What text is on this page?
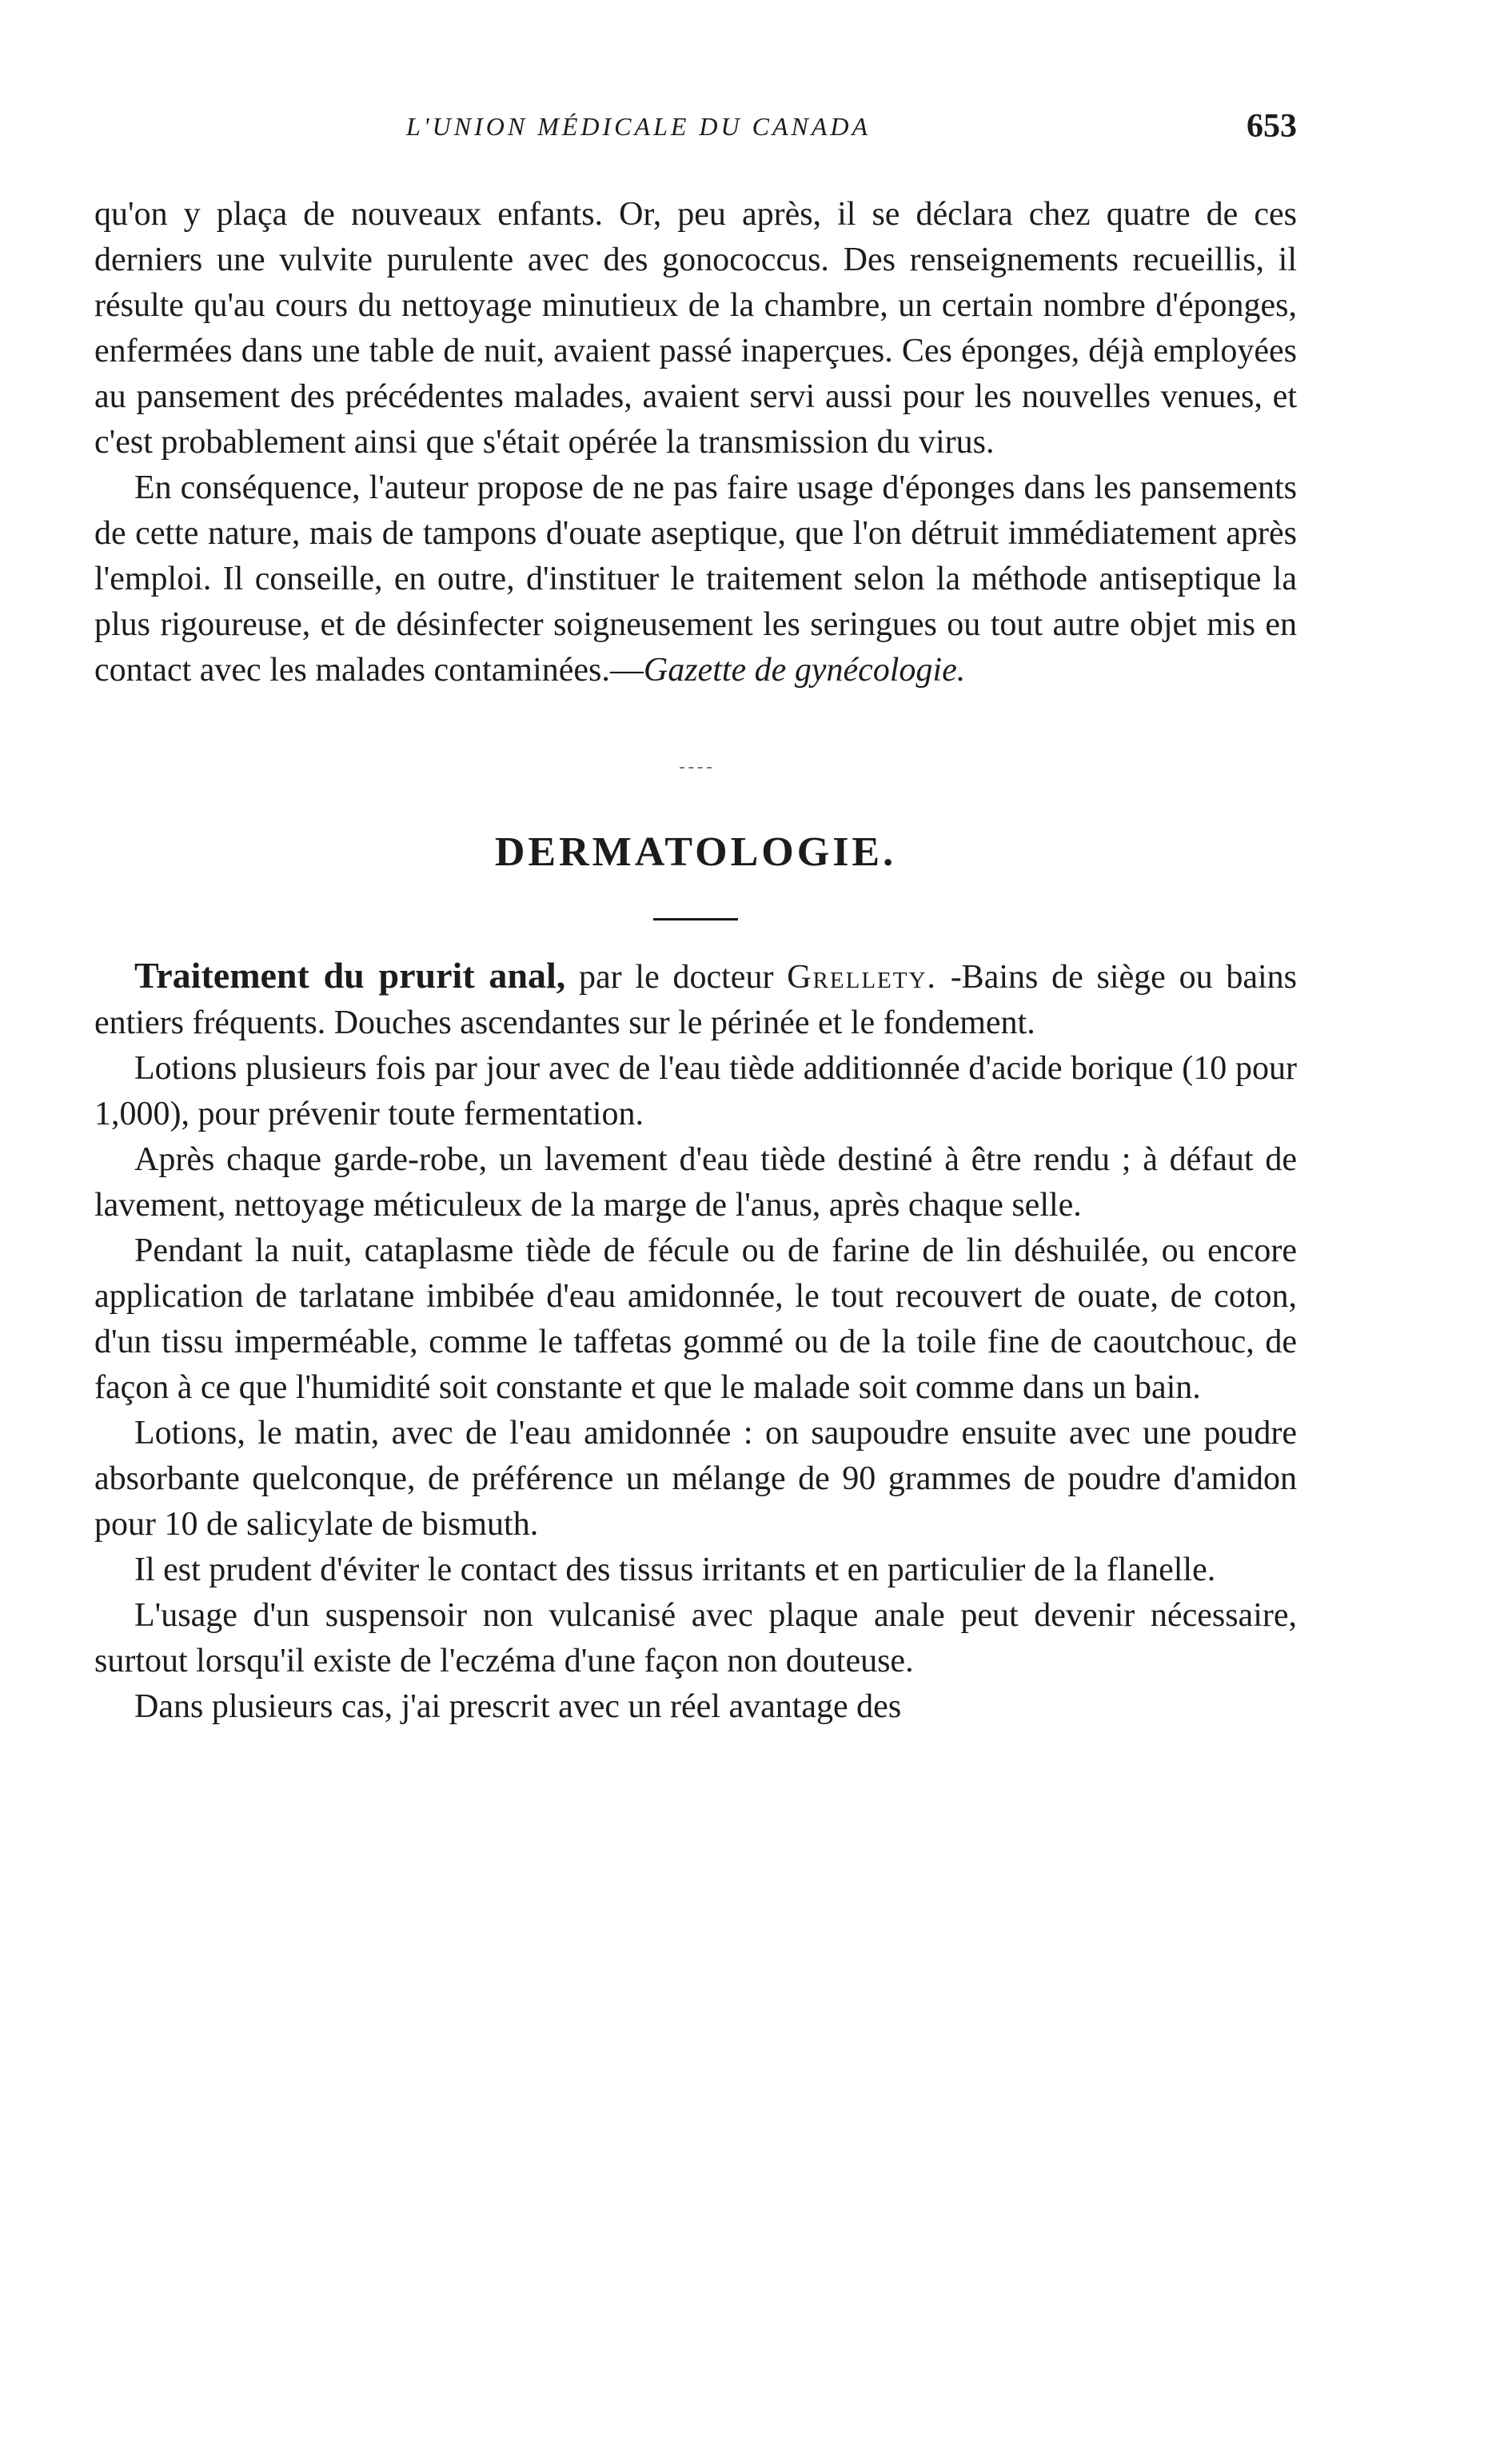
L'UNION MÉDICALE DU CANADA	653

qu'on y plaça de nouveaux enfants. Or, peu après, il se déclara chez quatre de ces derniers une vulvite purulente avec des gonococcus. Des renseignements recueillis, il résulte qu'au cours du nettoyage minutieux de la chambre, un certain nombre d'éponges, enfermées dans une table de nuit, avaient passé inaperçues. Ces éponges, déjà employées au pansement des précédentes malades, avaient servi aussi pour les nouvelles venues, et c'est probablement ainsi que s'était opérée la transmission du virus.

En conséquence, l'auteur propose de ne pas faire usage d'éponges dans les pansements de cette nature, mais de tampons d'ouate aseptique, que l'on détruit immédiatement après l'emploi. Il conseille, en outre, d'instituer le traitement selon la méthode antiseptique la plus rigoureuse, et de désinfecter soigneusement les seringues ou tout autre objet mis en contact avec les malades contaminées.—Gazette de gynécologie.

DERMATOLOGIE.

Traitement du prurit anal, par le docteur Grellety. -Bains de siège ou bains entiers fréquents. Douches ascendantes sur le périnée et le fondement.

Lotions plusieurs fois par jour avec de l'eau tiède additionnée d'acide borique (10 pour 1,000), pour prévenir toute fermentation.

Après chaque garde-robe, un lavement d'eau tiède destiné à être rendu ; à défaut de lavement, nettoyage méticuleux de la marge de l'anus, après chaque selle.

Pendant la nuit, cataplasme tiède de fécule ou de farine de lin déshuilée, ou encore application de tarlatane imbibée d'eau amidonnée, le tout recouvert de ouate, de coton, d'un tissu imperméable, comme le taffetas gommé ou de la toile fine de caoutchouc, de façon à ce que l'humidité soit constante et que le malade soit comme dans un bain.

Lotions, le matin, avec de l'eau amidonnée : on saupoudre ensuite avec une poudre absorbante quelconque, de préférence un mélange de 90 grammes de poudre d'amidon pour 10 de salicylate de bismuth.

Il est prudent d'éviter le contact des tissus irritants et en particulier de la flanelle.

L'usage d'un suspensoir non vulcanisé avec plaque anale peut devenir nécessaire, surtout lorsqu'il existe de l'eczéma d'une façon non douteuse.

Dans plusieurs cas, j'ai prescrit avec un réel avantage des
